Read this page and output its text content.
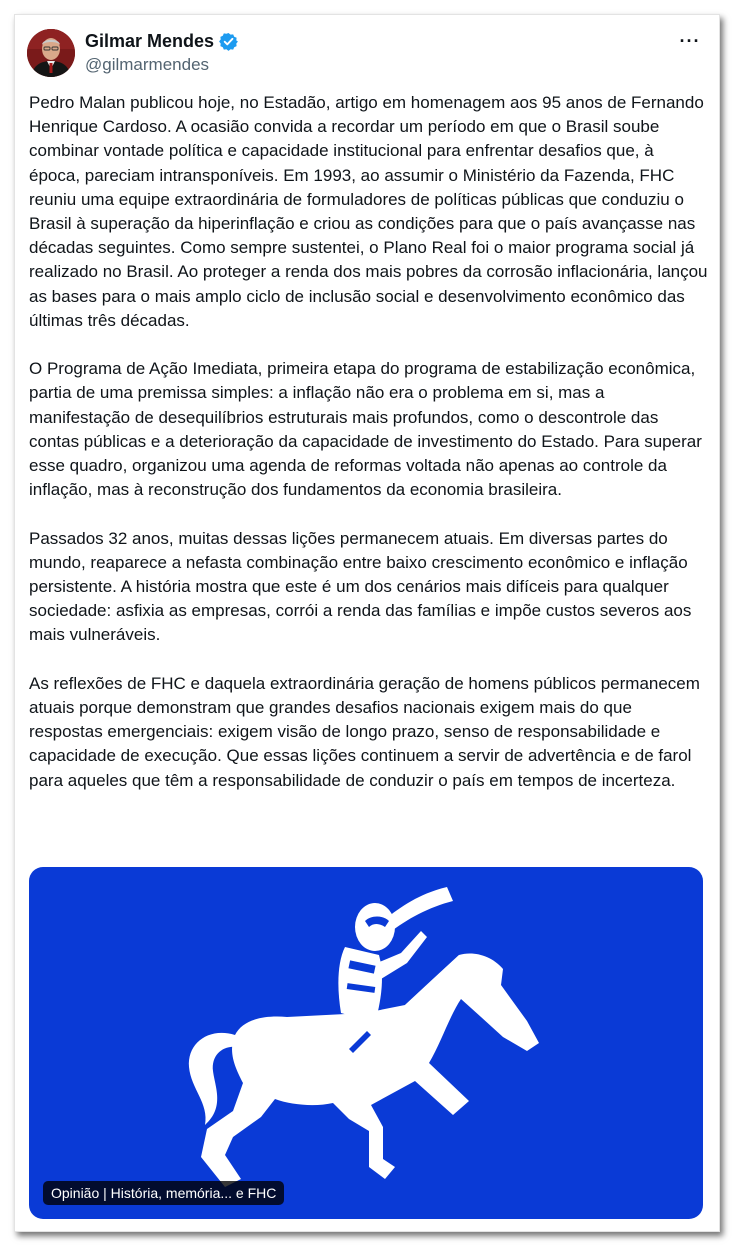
Gilmar Mendes
@gilmarmendes
···

Pedro Malan publicou hoje, no Estadão, artigo em homenagem aos 95 anos de Fernando Henrique Cardoso. A ocasião convida a recordar um período em que o Brasil soube combinar vontade política e capacidade institucional para enfrentar desafios que, à época, pareciam intransponíveis. Em 1993, ao assumir o Ministério da Fazenda, FHC reuniu uma equipe extraordinária de formuladores de políticas públicas que conduziu o Brasil à superação da hiperinflação e criou as condições para que o país avançasse nas décadas seguintes. Como sempre sustentei, o Plano Real foi o maior programa social já realizado no Brasil. Ao proteger a renda dos mais pobres da corrosão inflacionária, lançou as bases para o mais amplo ciclo de inclusão social e desenvolvimento econômico das últimas três décadas.

O Programa de Ação Imediata, primeira etapa do programa de estabilização econômica, partia de uma premissa simples: a inflação não era o problema em si, mas a manifestação de desequilíbrios estruturais mais profundos, como o descontrole das contas públicas e a deterioração da capacidade de investimento do Estado. Para superar esse quadro, organizou uma agenda de reformas voltada não apenas ao controle da inflação, mas à reconstrução dos fundamentos da economia brasileira.

Passados 32 anos, muitas dessas lições permanecem atuais. Em diversas partes do mundo, reaparece a nefasta combinação entre baixo crescimento econômico e inflação persistente. A história mostra que este é um dos cenários mais difíceis para qualquer sociedade: asfixia as empresas, corrói a renda das famílias e impõe custos severos aos mais vulneráveis.

As reflexões de FHC e daquela extraordinária geração de homens públicos permanecem atuais porque demonstram que grandes desafios nacionais exigem mais do que respostas emergenciais: exigem visão de longo prazo, senso de responsabilidade e capacidade de execução. Que essas lições continuem a servir de advertência e de farol para aqueles que têm a responsabilidade de conduzir o país em tempos de incerteza.

Opinião | História, memória... e FHC
